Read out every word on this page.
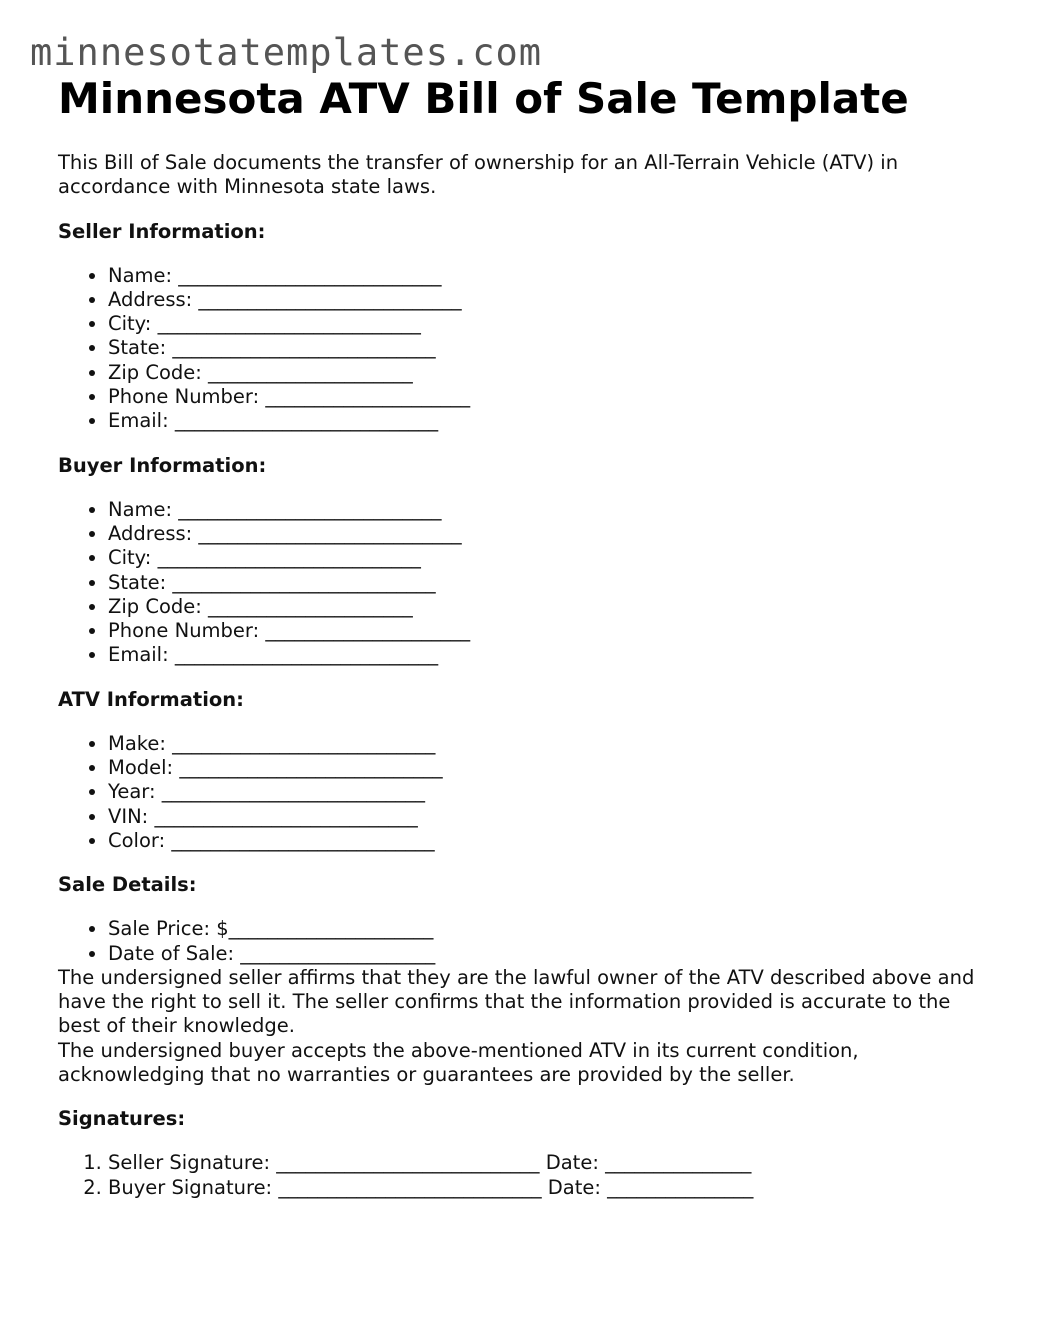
minnesotatemplates.com
Minnesota ATV Bill of Sale Template

This Bill of Sale documents the transfer of ownership for an All-Terrain Vehicle (ATV) in accordance with Minnesota state laws.

Seller Information:
• Name: ___________________________
• Address: ___________________________
• City: ___________________________
• State: ___________________________
• Zip Code: _____________________
• Phone Number: _____________________
• Email: ___________________________
Buyer Information:
• Name: ___________________________
• Address: ___________________________
• City: ___________________________
• State: ___________________________
• Zip Code: _____________________
• Phone Number: _____________________
• Email: ___________________________
ATV Information:
• Make: ___________________________
• Model: ___________________________
• Year: ___________________________
• VIN: ___________________________
• Color: ___________________________
Sale Details:
• Sale Price: $_____________________
• Date of Sale: ____________________

The undersigned seller affirms that they are the lawful owner of the ATV described above and have the right to sell it. The seller confirms that the information provided is accurate to the best of their knowledge.

The undersigned buyer accepts the above-mentioned ATV in its current condition, acknowledging that no warranties or guarantees are provided by the seller.

Signatures:
1. Seller Signature: ___________________________ Date: _______________
2. Buyer Signature: ___________________________ Date: _______________
